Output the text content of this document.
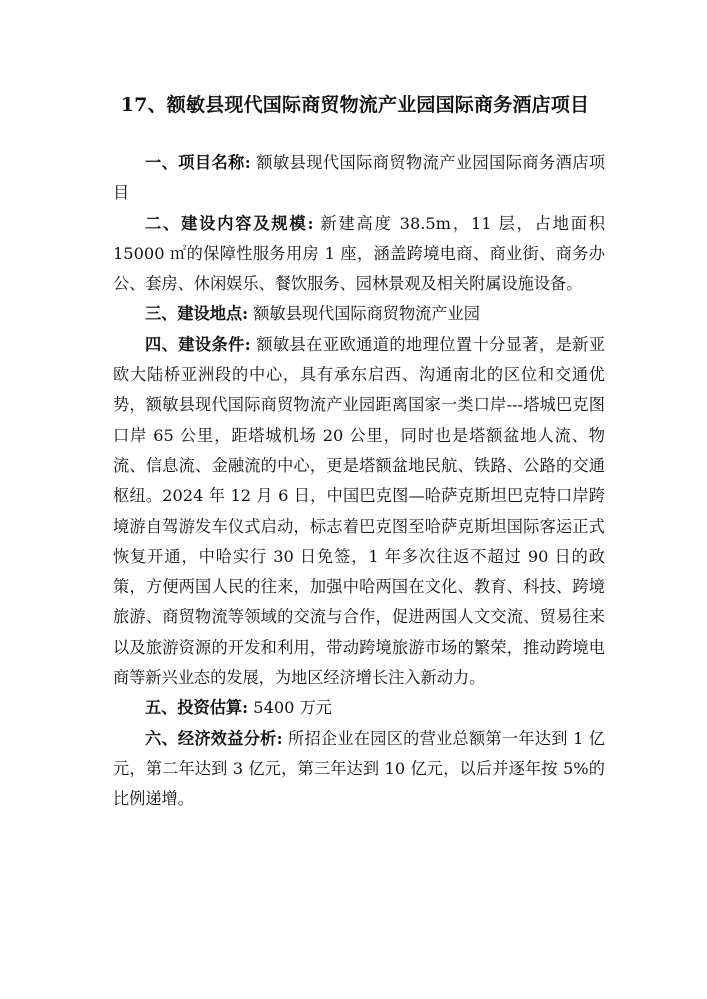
17、额敏县现代国际商贸物流产业园国际商务酒店项目

一、项目名称: 额敏县现代国际商贸物流产业园国际商务酒店项目

二、建设内容及规模: 新建高度 38.5m，11 层，占地面积 15000 ㎡的保障性服务用房 1 座，涵盖跨境电商、商业街、商务办公、套房、休闲娱乐、餐饮服务、园林景观及相关附属设施设备。

三、建设地点: 额敏县现代国际商贸物流产业园

四、建设条件: 额敏县在亚欧通道的地理位置十分显著，是新亚欧大陆桥亚洲段的中心，具有承东启西、沟通南北的区位和交通优势，额敏县现代国际商贸物流产业园距离国家一类口岸---塔城巴克图口岸 65 公里，距塔城机场 20 公里，同时也是塔额盆地人流、物流、信息流、金融流的中心，更是塔额盆地民航、铁路、公路的交通枢纽。2024 年 12 月 6 日，中国巴克图—哈萨克斯坦巴克特口岸跨境游自驾游发车仪式启动，标志着巴克图至哈萨克斯坦国际客运正式恢复开通，中哈实行 30 日免签，1 年多次往返不超过 90 日的政策，方便两国人民的往来，加强中哈两国在文化、教育、科技、跨境旅游、商贸物流等领域的交流与合作，促进两国人文交流、贸易往来以及旅游资源的开发和利用，带动跨境旅游市场的繁荣，推动跨境电商等新兴业态的发展，为地区经济增长注入新动力。

五、投资估算: 5400 万元

六、经济效益分析: 所招企业在园区的营业总额第一年达到 1 亿元，第二年达到 3 亿元，第三年达到 10 亿元，以后并逐年按 5%的比例递增。
